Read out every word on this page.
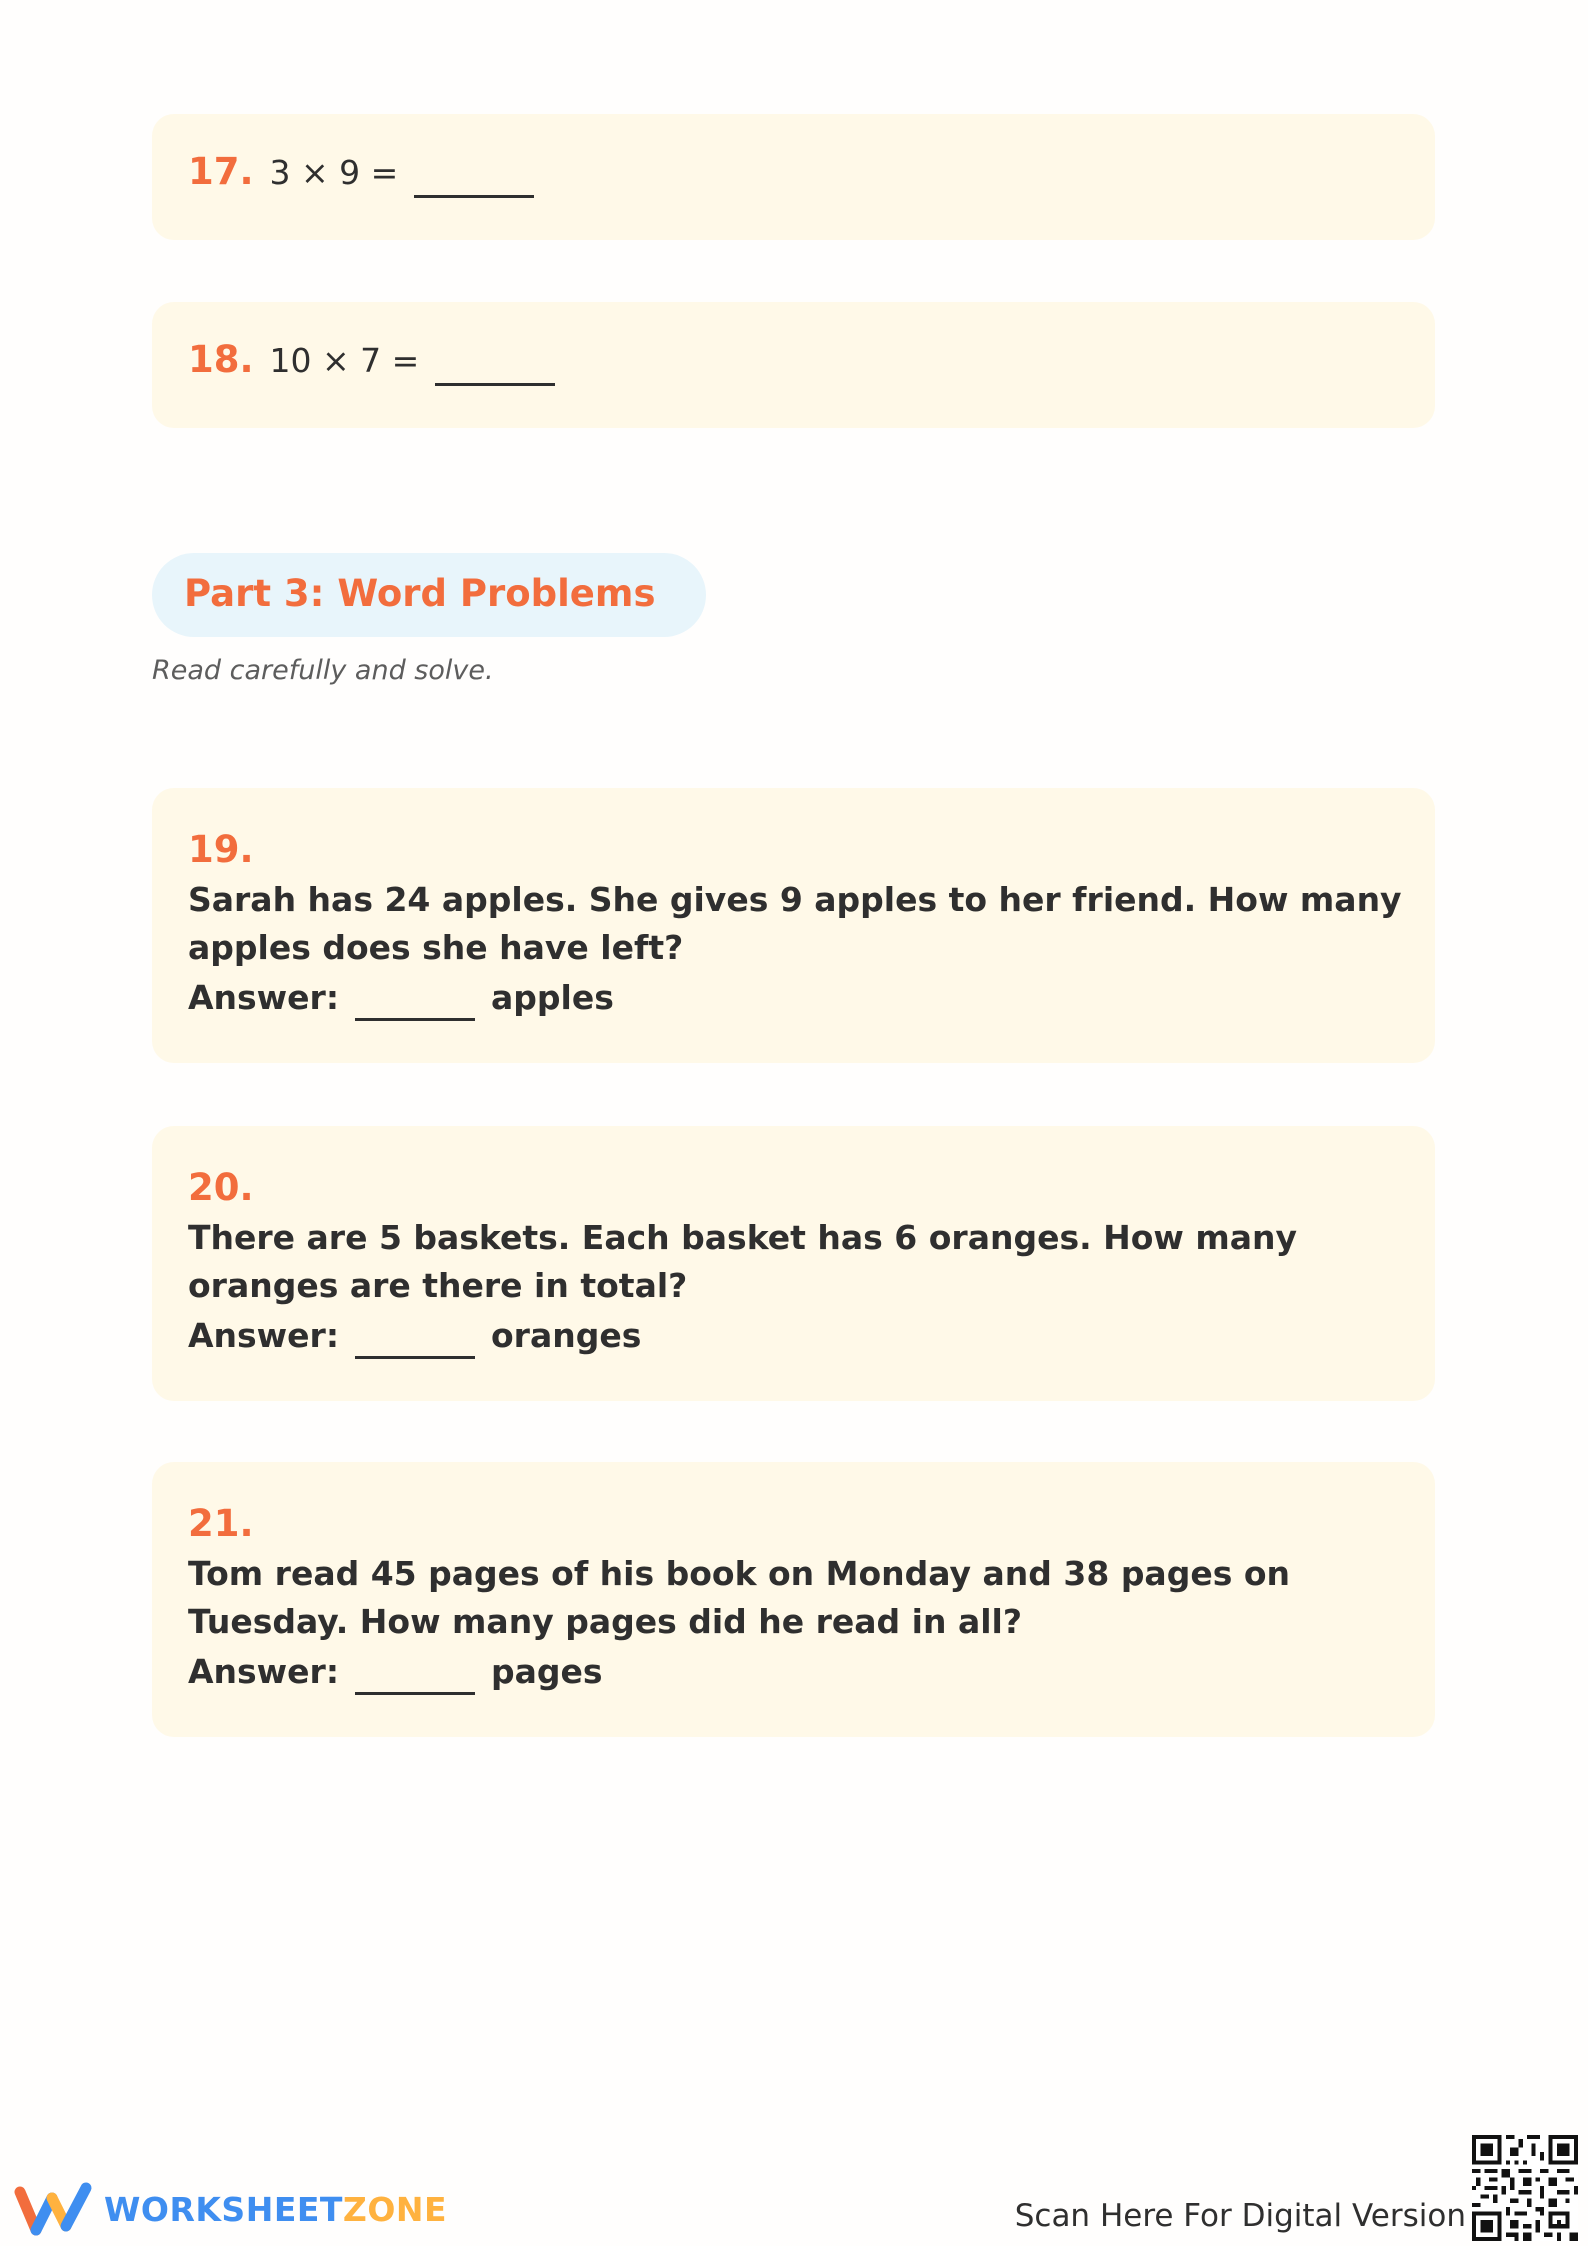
17. 3 × 9 =
18. 10 × 7 =
Part 3: Word Problems
Read carefully and solve.
19.
Sarah has 24 apples. She gives 9 apples to her friend. How many apples does she have left?
Answer:	apples
20.
There are 5 baskets. Each basket has 6 oranges. How many oranges are there in total?
Answer:	oranges
21.
Tom read 45 pages of his book on Monday and 38 pages on Tuesday. How many pages did he read in all?
Answer:	pages
WORKSHEETZONE	Scan Here For Digital Version
